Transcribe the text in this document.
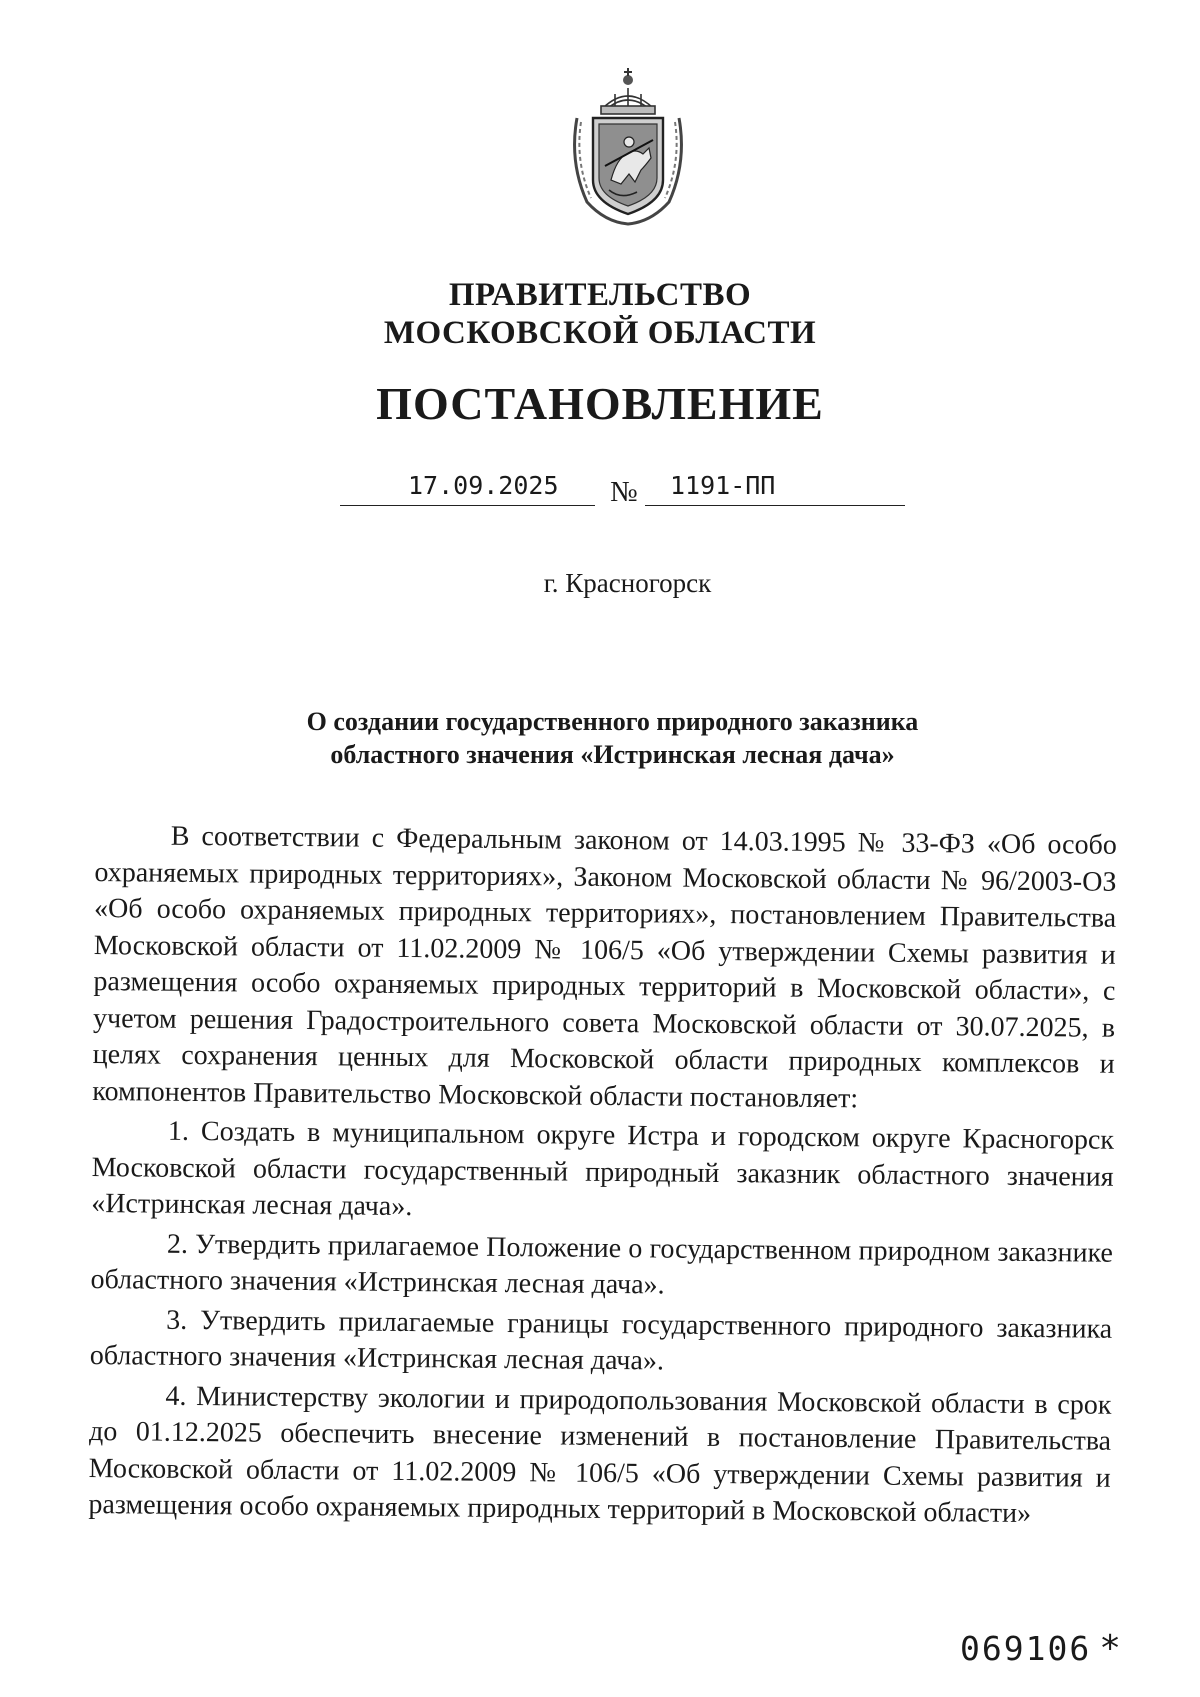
ПРАВИТЕЛЬСТВО
МОСКОВСКОЙ ОБЛАСТИ
ПОСТАНОВЛЕНИЕ
17.09.2025 № 1191-ПП
г. Красногорск
О создании государственного природного заказника
областного значения «Истринская лесная дача»

В соответствии с Федеральным законом от 14.03.1995 № 33-ФЗ «Об особо охраняемых природных территориях», Законом Московской области № 96/2003-ОЗ «Об особо охраняемых природных территориях», постановлением Правительства Московской области от 11.02.2009 № 106/5 «Об утверждении Схемы развития и размещения особо охраняемых природных территорий в Московской области», с учетом решения Градостроительного совета Московской области от 30.07.2025, в целях сохранения ценных для Московской области природных комплексов и компонентов Правительство Московской области постановляет:

1. Создать в муниципальном округе Истра и городском округе Красногорск Московской области государственный природный заказник областного значения «Истринская лесная дача».

2. Утвердить прилагаемое Положение о государственном природном заказнике областного значения «Истринская лесная дача».

3. Утвердить прилагаемые границы государственного природного заказника областного значения «Истринская лесная дача».

4. Министерству экологии и природопользования Московской области в срок до 01.12.2025 обеспечить внесение изменений в постановление Правительства Московской области от 11.02.2009 № 106/5 «Об утверждении Схемы развития и размещения особо охраняемых природных территорий в Московской области»

069106 *
